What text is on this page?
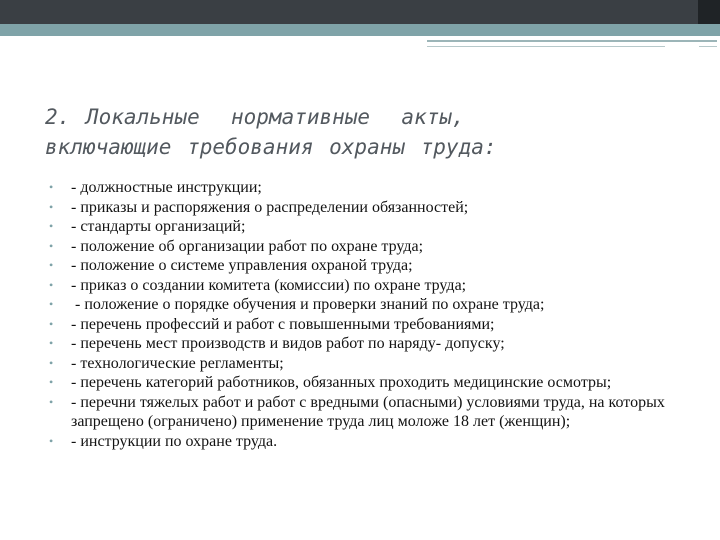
2. Локальные  нормативные  акты,
включающие требования охраны труда:
•	- должностные инструкции;
•	- приказы и распоряжения о распределении обязанностей;
•	- стандарты организаций;
•	- положение об организации работ по охране труда;
•	- положение о системе управления охраной труда;
•	- приказ о создании комитета (комиссии) по охране труда;
•	- положение о порядке обучения и проверки знаний по охране труда;
•	- перечень профессий и работ с повышенными требованиями;
•	- перечень мест производств и видов работ по наряду- допуску;
•	- технологические регламенты;
•	- перечень категорий работников, обязанных проходить медицинские осмотры;
•	- перечни тяжелых работ и работ с вредными (опасными) условиями труда, на которых запрещено (ограничено) применение труда лиц моложе 18 лет (женщин);
•	- инструкции по охране труда.
